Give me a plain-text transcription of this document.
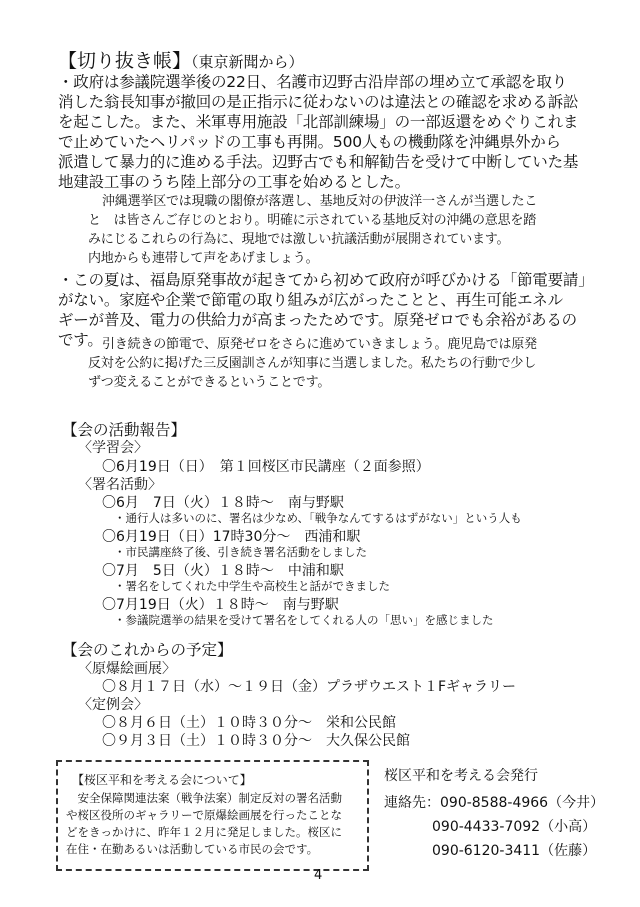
【切り抜き帳】（東京新聞から）
・政府は参議院選挙後の22日、名護市辺野古沿岸部の埋め立て承認を取り
消した翁長知事が撤回の是正指示に従わないのは違法との確認を求める訴訟
を起こした。また、米軍専用施設「北部訓練場」の一部返還をめぐりこれま
で止めていたヘリパッドの工事も再開。500人もの機動隊を沖縄県外から
派遣して暴力的に進める手法。辺野古でも和解勧告を受けて中断していた基
地建設工事のうち陸上部分の工事を始めるとした。
沖縄選挙区では現職の閣僚が落選し、基地反対の伊波洋一さんが当選したこ
と　は皆さんご存じのとおり。明確に示されている基地反対の沖縄の意思を踏
みにじるこれらの行為に、現地では激しい抗議活動が展開されています。
内地からも連帯して声をあげましょう。
・この夏は、福島原発事故が起きてから初めて政府が呼びかける「節電要請」
がない。家庭や企業で節電の取り組みが広がったことと、再生可能エネル
ギーが普及、電力の供給力が高まったためです。原発ゼロでも余裕があるの
です。 引き続きの節電で、原発ゼロをさらに進めていきましょう。鹿児島では原発
反対を公約に掲げた三反園訓さんが知事に当選しました。私たちの行動で少し
ずつ変えることができるということです。
【会の活動報告】
〈学習会〉
〇6月19日（日）　第１回桜区市民講座（２面参照）
〈署名活動〉
〇6月　7日（火）１８時～　南与野駅
・通行人は多いのに、署名は少なめ、「戦争なんてするはずがない」という人も
〇6月19日（日）17時30分～　西浦和駅
・市民講座終了後、引き続き署名活動をしました
〇7月　5日（火）１８時～　中浦和駅
・署名をしてくれた中学生や高校生と話ができました
〇7月19日（火）１８時～　南与野駅
・参議院選挙の結果を受けて署名をしてくれる人の「思い」を感じました
【会のこれからの予定】
〈原爆絵画展〉
〇８月１７日（水）～１９日（金）プラザウエスト１Fギャラリー
〈定例会〉
〇８月６日（土）１０時３０分～　栄和公民館
〇９月３日（土）１０時３０分～　大久保公民館
【桜区平和を考える会について】
　安全保障関連法案（戦争法案）制定反対の署名活動
や桜区役所のギャラリーで原爆絵画展を行ったことな
どをきっかけに、昨年１２月に発足しました。桜区に
在住・在勤あるいは活動している市民の会です。
桜区平和を考える会発行
連絡先： 090-8588-4966（今井）
090-4433-7092（小高）
090-6120-3411（佐藤）
4
